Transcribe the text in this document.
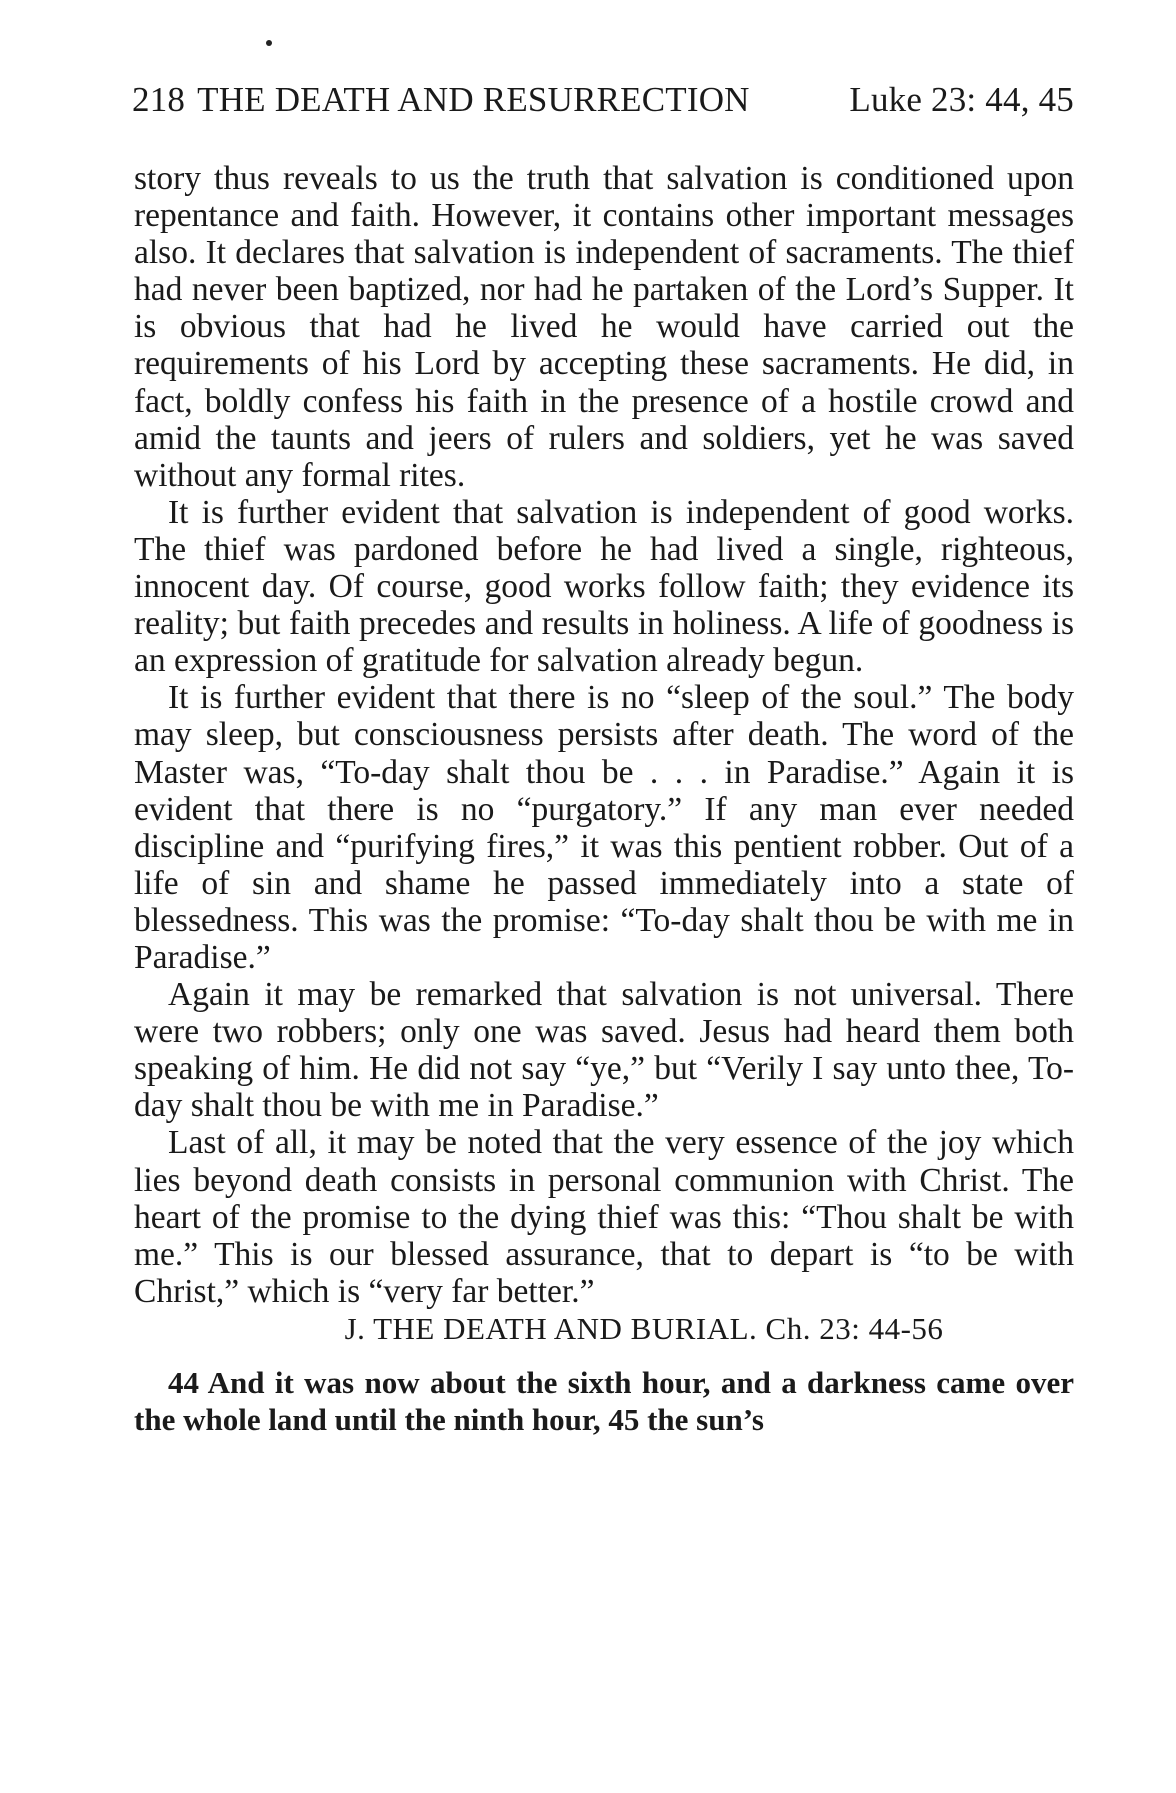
218 THE DEATH AND RESURRECTION	Luke 23: 44, 45

story thus reveals to us the truth that salvation is conditioned upon repentance and faith. However, it contains other important messages also. It declares that salvation is independent of sacraments. The thief had never been baptized, nor had he partaken of the Lord’s Supper. It is obvious that had he lived he would have carried out the requirements of his Lord by accepting these sacraments. He did, in fact, boldly confess his faith in the presence of a hostile crowd and amid the taunts and jeers of rulers and soldiers, yet he was saved without any formal rites.

It is further evident that salvation is independent of good works. The thief was pardoned before he had lived a single, righteous, innocent day. Of course, good works follow faith; they evidence its reality; but faith precedes and results in holiness. A life of goodness is an expression of gratitude for salvation already begun.

It is further evident that there is no “sleep of the soul.” The body may sleep, but consciousness persists after death. The word of the Master was, “To-day shalt thou be . . . in Paradise.” Again it is evident that there is no “purgatory.” If any man ever needed discipline and “purifying fires,” it was this pentient robber. Out of a life of sin and shame he passed immediately into a state of blessedness. This was the promise: “To-day shalt thou be with me in Paradise.”

Again it may be remarked that salvation is not universal. There were two robbers; only one was saved. Jesus had heard them both speaking of him. He did not say “ye,” but “Verily I say unto thee, To-day shalt thou be with me in Paradise.”

Last of all, it may be noted that the very essence of the joy which lies beyond death consists in personal communion with Christ. The heart of the promise to the dying thief was this: “Thou shalt be with me.” This is our blessed assurance, that to depart is “to be with Christ,” which is “very far better.”

J. THE DEATH AND BURIAL. Ch. 23: 44-56

44 And it was now about the sixth hour, and a darkness came over the whole land until the ninth hour, 45 the sun’s
